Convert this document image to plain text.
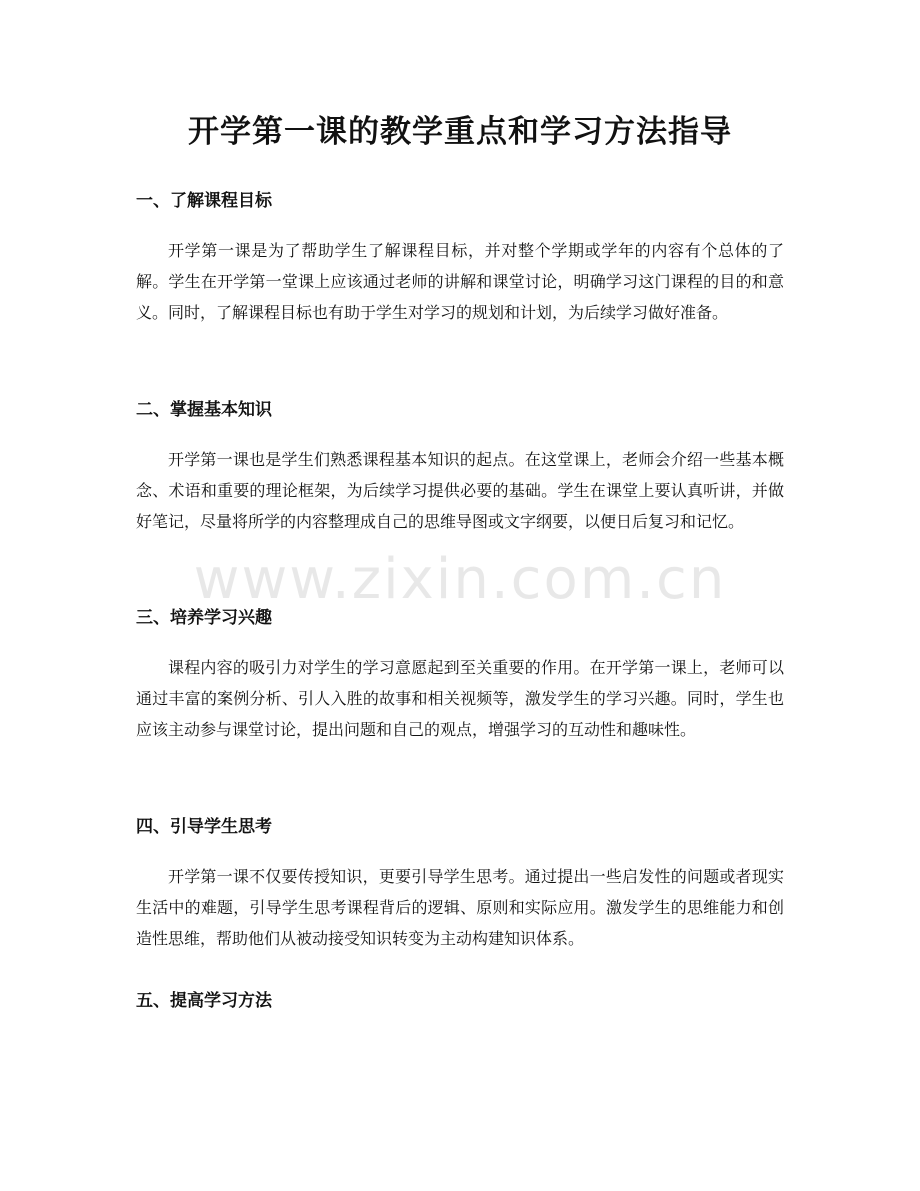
开学第一课的教学重点和学习方法指导
一、了解课程目标

开学第一课是为了帮助学生了解课程目标，并对整个学期或学年的内容有个总体的了解。学生在开学第一堂课上应该通过老师的讲解和课堂讨论，明确学习这门课程的目的和意义。同时，了解课程目标也有助于学生对学习的规划和计划，为后续学习做好准备。

二、掌握基本知识

开学第一课也是学生们熟悉课程基本知识的起点。在这堂课上，老师会介绍一些基本概念、术语和重要的理论框架，为后续学习提供必要的基础。学生在课堂上要认真听讲，并做好笔记，尽量将所学的内容整理成自己的思维导图或文字纲要，以便日后复习和记忆。

三、培养学习兴趣

课程内容的吸引力对学生的学习意愿起到至关重要的作用。在开学第一课上，老师可以通过丰富的案例分析、引人入胜的故事和相关视频等，激发学生的学习兴趣。同时，学生也应该主动参与课堂讨论，提出问题和自己的观点，增强学习的互动性和趣味性。

四、引导学生思考

开学第一课不仅要传授知识，更要引导学生思考。通过提出一些启发性的问题或者现实生活中的难题，引导学生思考课程背后的逻辑、原则和实际应用。激发学生的思维能力和创造性思维，帮助他们从被动接受知识转变为主动构建知识体系。

五、提高学习方法
www.zixin.com.cn
